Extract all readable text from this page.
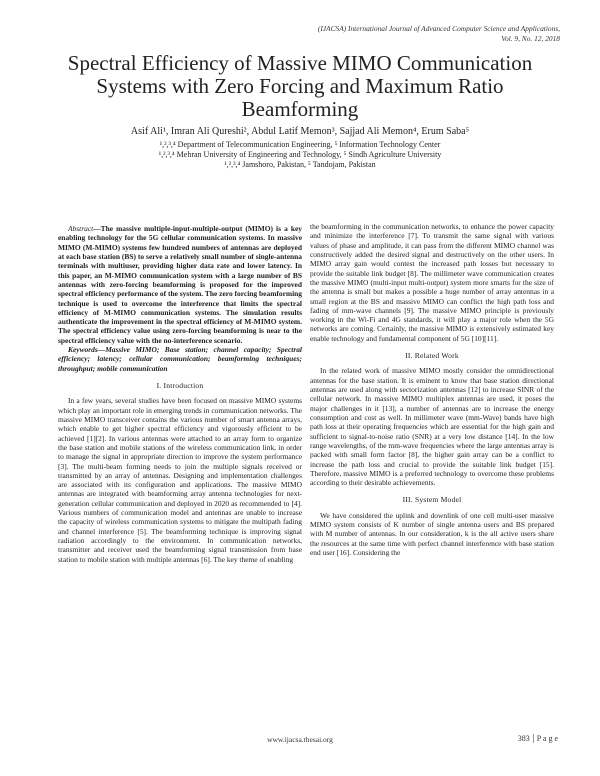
(IJACSA) International Journal of Advanced Computer Science and Applications,
Vol. 9, No. 12, 2018
Spectral Efficiency of Massive MIMO Communication Systems with Zero Forcing and Maximum Ratio Beamforming
Asif Ali¹, Imran Ali Qureshi², Abdul Latif Memon³, Sajjad Ali Memon⁴, Erum Saba⁵
¹,²,³,⁴ Department of Telecommunication Engineering, ⁵ Information Technology Center
¹,²,³,⁴ Mehran University of Engineering and Technology, ⁵ Sindh Agriculture University
¹,²,³,⁴ Jamshoro, Pakistan, ⁵ Tandojam, Pakistan

Abstract—The massive multiple-input-multiple-output (MIMO) is a key enabling technology for the 5G cellular communication systems. In massive MIMO (M-MIMO) systems few hundred numbers of antennas are deployed at each base station (BS) to serve a relatively small number of single-antenna terminals with multiuser, providing higher data rate and lower latency. In this paper, an M-MIMO communication system with a large number of BS antennas with zero-forcing beamforming is proposed for the improved spectral efficiency performance of the system. The zero forcing beamforming technique is used to overcome the interference that limits the spectral efficiency of M-MIMO communication systems. The simulation results authenticate the improvement in the spectral efficiency of M-MIMO system. The spectral efficiency value using zero-forcing beamforming is near to the spectral efficiency value with the no-interference scenario.

Keywords—Massive MIMO; Base station; channel capacity; Spectral efficiency; latency; cellular communication; beamforming techniques; throughput; mobile communication

I. Introduction

In a few years, several studies have been focused on massive MIMO systems which play an important role in emerging trends in communication networks. The massive MIMO transceiver contains the various number of smart antenna arrays, which enable to get higher spectral efficiency and vigorously efficient to be achieved [1][2]. In various antennas were attached to an array form to organize the base station and mobile stations of the wireless communication link, in order to manage the signal in appropriate direction to improve the system performance [3]. The multi-beam forming needs to join the multiple signals received or transmitted by an array of antennas. Designing and implementation challenges are associated with its configuration and applications. The massive MIMO antennas are integrated with beamforming array antenna technologies for next-generation cellular communication and deployed in 2020 as recommended to [4]. Various numbers of communication model and antennas are unable to increase the capacity of wireless communication systems to mitigate the multipath fading and channel interference [5]. The beamforming technique is improving signal radiation accordingly to the environment. In communication networks, transmitter and receiver used the beamforming signal transmission from base station to mobile station with multiple antennas [6]. The key theme of enabling

the beamforming in the communication networks, to enhance the power capacity and minimize the interference [7]. To transmit the same signal with various values of phase and amplitude, it can pass from the different MIMO channel was constructively added the desired signal and destructively on the other users. In MIMO array gain would contest the increased path losses but necessary to provide the suitable link budget [8]. The millimeter wave communication creates the massive MIMO (multi-input multi-output) system more smarts for the size of the antenna is small but makes a possible a huge number of array antennas in a small region at the BS and massive MIMO can conflict the high path loss and fading of mm-wave channels [9]. The massive MIMO principle is previously working in the Wi-Fi and 4G standards, it will play a major role when the 5G networks are coming. Certainly, the massive MIMO is extensively estimated key enable technology and fundamental component of 5G [10][11].

II. Related Work

In the related work of massive MIMO mostly consider the omnidirectional antennas for the base station. It is eminent to know that base station directional antennas are used along with sectorization antennas [12] to increase SINR of the cellular network. In massive MIMO multiplex antennas are used, it poses the major challenges in it [13], a number of antennas are to increase the energy consumption and cost as well. In millimeter wave (mm-Wave) bands have high path loss at their operating frequencies which are essential for the high gain and sufficient to signal-to-noise ratio (SNR) at a very low distance [14]. In the low range wavelengths, of the mm-wave frequencies where the large antennas array is packed with small form factor [8], the higher gain array can be a conflict to increase the path loss and crucial to provide the suitable link budget [15]. Therefore, massive MIMO is a preferred technology to overcome these problems according to their desirable achievements.

III. System Model

We have considered the uplink and downlink of one cell multi-user massive MIMO system consists of K number of single antenna users and BS prepared with M number of antennas. In our consideration, k is the all active users share the resources at the same time with perfect channel interference with base station end user [16]. Considering the

www.ijacsa.thesai.org	383 P a g e
